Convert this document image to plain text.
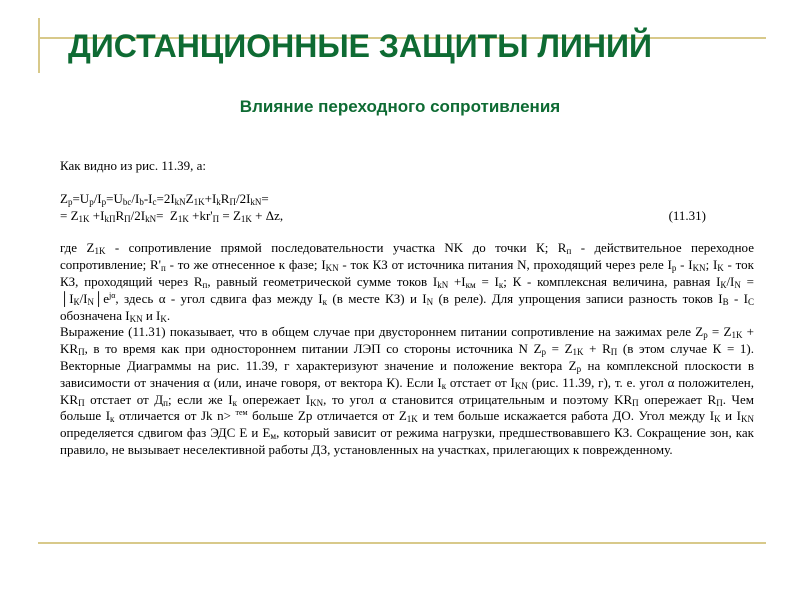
ДИСТАНЦИОННЫЕ ЗАЩИТЫ ЛИНИЙ
Влияние переходного сопротивления

Как видно из рис. 11.39, а:

$Z_p=U_p/I_p=U_{bc}/I_b-I_c=2I_{kN}Z_{1K}+I_kR_П/2I_{kN}=$

= $Z_{1K} +I_{kП}R_П/2I_{kN}= Z_{1K} +kr'_П = Z_{1K} + \Delta z$,	(11.31)

где $Z_{1K}$ - сопротивление прямой последовательности участка NK до точки К; $R_п$ - действительное переходное сопротивление; $R'_п$ - то же отнесенное к фазе; $I_{KN}$ - ток КЗ от источника питания N, проходящий через реле $I_р - I_{KN}$; $I_K$ - ток КЗ, проходящий через $R_п$, равный геометрической сумме токов $I_{kN} +I_{км} = I_к$; К - комплексная величина, равная $I_К/I_N$ = $│I_К/I_N│e^{j\alpha}$, здесь α - угол сдвига фаз между $I_к$ (в месте КЗ) и $I_N$ (в реле). Для упрощения записи разность токов $I_В - I_С$ обозначена $I_{KN}$ и $I_K$.

Выражение (11.31) показывает, что в общем случае при двустороннем питании сопротивление на зажимах реле $Z_р = Z_{1K} + KR_П$, в то время как при одностороннем питании ЛЭП со стороны источника N $Z_р = Z_{1K} + R_П$ (в этом случае К = 1). Векторные Диаграммы на рис. 11.39, г характеризуют значение и положение вектора $Z_р$ на комплексной плоскости в зависимости от значения α (или, иначе говоря, от вектора К). Если $I_к$ отстает от $I_{KN}$ (рис. 11.39, г), т. е. угол α положителен, $KR_П$ отстает от $Д_п$; если же $I_к$ опережает $I_{KN}$, то угол α становится отрицательным и поэтому $KR_П$ опережает $R_П$. Чем больше $I_к$ отличается от Jk n> $^{тем}$ больше Zр отличается от $Z_{1K}$ и тем больше искажается работа ДО. Угол между $I_K$ и $I_{KN}$ определяется сдвигом фаз ЭДС Е и $Е_м$, который зависит от режима нагрузки, предшествовавшего КЗ. Сокращение зон, как правило, не вызывает неселективной работы ДЗ, установленных на участках, прилегающих к поврежденному.
